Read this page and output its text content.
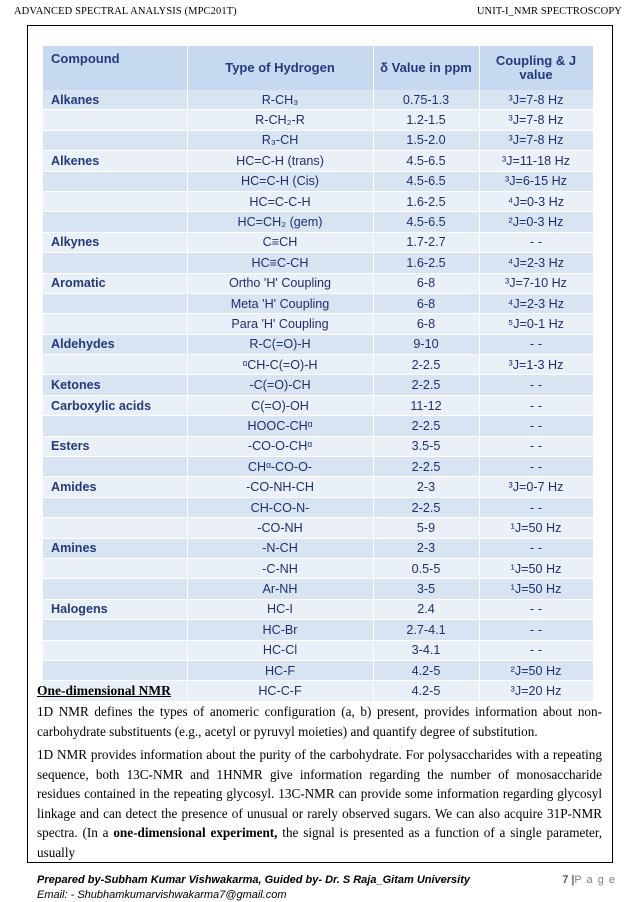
ADVANCED SPECTRAL ANALYSIS (MPC201T)	UNIT-I_NMR SPECTROSCOPY
Compound	Type of Hydrogen	δ Value in ppm	Coupling & J value
Alkanes	R-CH₃	0.75-1.3	³J=7-8 Hz
	R-CH₂-R	1.2-1.5	³J=7-8 Hz
	R₃-CH	1.5-2.0	³J=7-8 Hz
Alkenes	HC=C-H (trans)	4.5-6.5	³J=11-18 Hz
	HC=C-H (Cis)	4.5-6.5	³J=6-15 Hz
	HC=C-C-H	1.6-2.5	⁴J=0-3 Hz
	HC=CH₂ (gem)	4.5-6.5	²J=0-3 Hz
Alkynes	C≡CH	1.7-2.7	- -
	HC≡C-CH	1.6-2.5	⁴J=2-3 Hz
Aromatic	Ortho 'H' Coupling	6-8	³J=7-10 Hz
	Meta 'H' Coupling	6-8	⁴J=2-3 Hz
	Para 'H' Coupling	6-8	⁵J=0-1 Hz
Aldehydes	R-C(=O)-H	9-10	- -
	ᵅCH-C(=O)-H	2-2.5	³J=1-3 Hz
Ketones	-C(=O)-CH	2-2.5	- -
Carboxylic acids	C(=O)-OH	11-12	- -
	HOOC-CHᵅ	2-2.5	- -
Esters	-CO-O-CHᵅ	3.5-5	- -
	CHᵅ-CO-O-	2-2.5	- -
Amides	-CO-NH-CH	2-3	³J=0-7 Hz
	CH-CO-N-	2-2.5	- -
	-CO-NH	5-9	¹J=50 Hz
Amines	-N-CH	2-3	- -
	-C-NH	0.5-5	¹J=50 Hz
	Ar-NH	3-5	¹J=50 Hz
Halogens	HC-I	2.4	- -
	HC-Br	2.7-4.1	- -
	HC-Cl	3-4.1	- -
	HC-F	4.2-5	²J=50 Hz
	HC-C-F	4.2-5	³J=20 Hz
One-dimensional NMR
1D NMR defines the types of anomeric configuration (a, b) present, provides information about non-carbohydrate substituents (e.g., acetyl or pyruvyl moieties) and quantify degree of substitution.
1D NMR provides information about the purity of the carbohydrate. For polysaccharides with a repeating sequence, both 13C-NMR and 1HNMR give information regarding the number of monosaccharide residues contained in the repeating glycosyl. 13C-NMR can provide some information regarding glycosyl linkage and can detect the presence of unusual or rarely observed sugars. We can also acquire 31P-NMR spectra. (In a one-dimensional experiment, the signal is presented as a function of a single parameter, usually
Prepared by-Subham Kumar Vishwakarma, Guided by- Dr. S Raja_Gitam University
Email: - Shubhamkumarvishwakarma7@gmail.com
7 |P a g e
